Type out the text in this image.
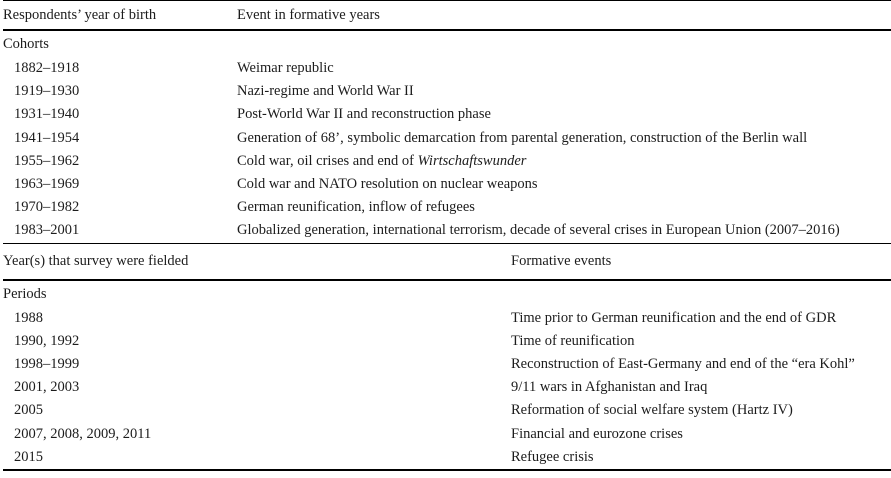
Respondents’ year of birth	Event in formative years
Cohorts
1882–1918	Weimar republic
1919–1930	Nazi-regime and World War II
1931–1940	Post-World War II and reconstruction phase
1941–1954	Generation of 68’, symbolic demarcation from parental generation, construction of the Berlin wall
1955–1962	Cold war, oil crises and end of Wirtschaftswunder
1963–1969	Cold war and NATO resolution on nuclear weapons
1970–1982	German reunification, inflow of refugees
1983–2001	Globalized generation, international terrorism, decade of several crises in European Union (2007–2016)
Year(s) that survey were fielded	Formative events
Periods
1988	Time prior to German reunification and the end of GDR
1990, 1992	Time of reunification
1998–1999	Reconstruction of East-Germany and end of the “era Kohl”
2001, 2003	9/11 wars in Afghanistan and Iraq
2005	Reformation of social welfare system (Hartz IV)
2007, 2008, 2009, 2011	Financial and eurozone crises
2015	Refugee crisis
